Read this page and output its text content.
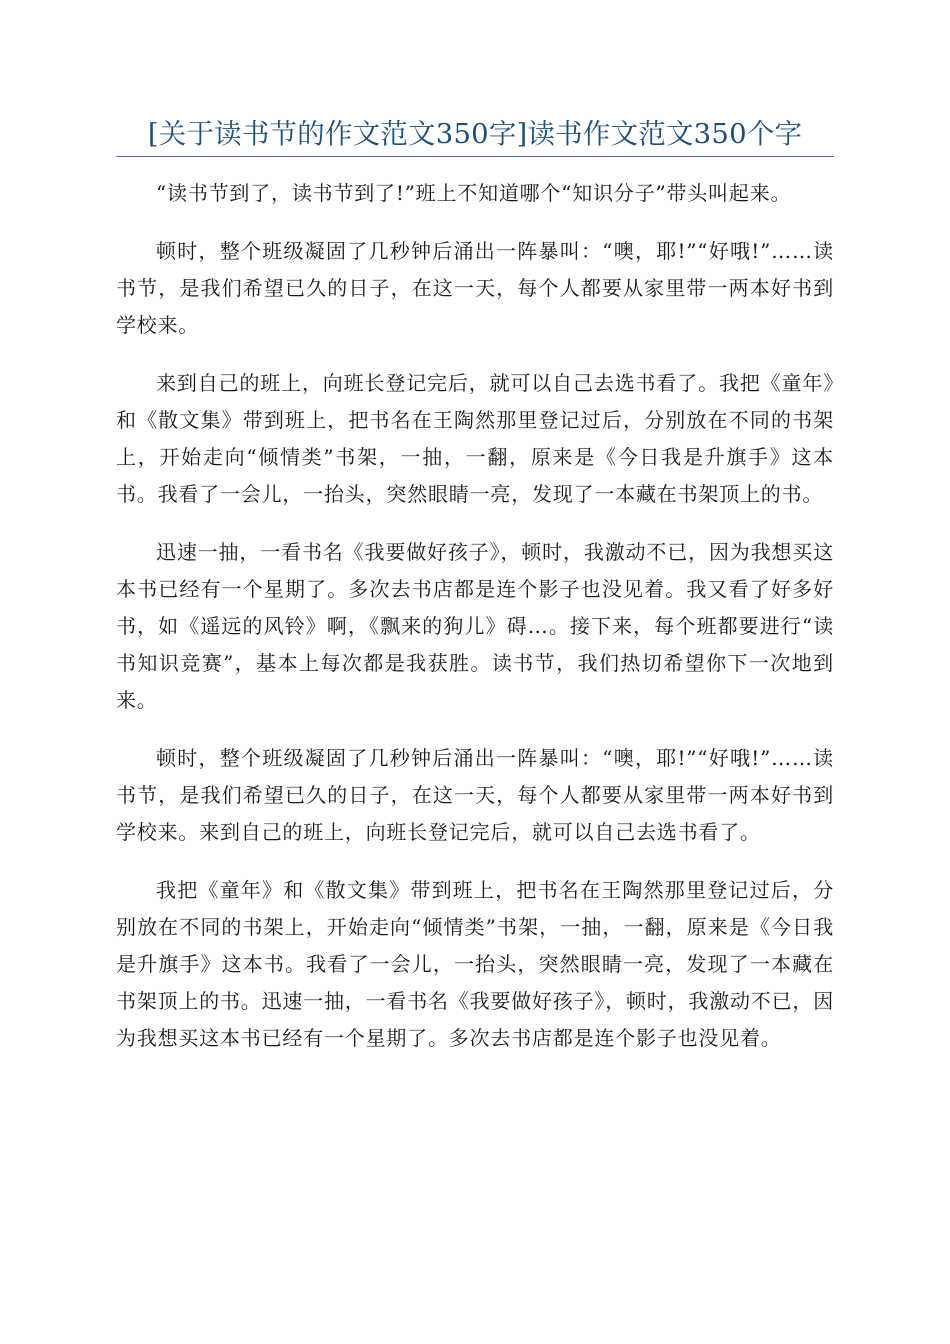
[关于读书节的作文范文350字]读书作文范文350个字

“读书节到了，读书节到了!”班上不知道哪个“知识分子”带头叫起来。

顿时，整个班级凝固了几秒钟后涌出一阵暴叫：“噢，耶!”“好哦!”……读书节，是我们希望已久的日子，在这一天，每个人都要从家里带一两本好书到学校来。

来到自己的班上，向班长登记完后，就可以自己去选书看了。我把《童年》和《散文集》带到班上，把书名在王陶然那里登记过后，分别放在不同的书架上，开始走向“倾情类”书架，一抽，一翻，原来是《今日我是升旗手》这本书。我看了一会儿，一抬头，突然眼睛一亮，发现了一本藏在书架顶上的书。

迅速一抽，一看书名《我要做好孩子》，顿时，我激动不已，因为我想买这本书已经有一个星期了。多次去书店都是连个影子也没见着。我又看了好多好书，如《遥远的风铃》啊，《飘来的狗儿》碍…。接下来，每个班都要进行“读书知识竞赛”，基本上每次都是我获胜。读书节，我们热切希望你下一次地到来。

顿时，整个班级凝固了几秒钟后涌出一阵暴叫：“噢，耶!”“好哦!”……读书节，是我们希望已久的日子，在这一天，每个人都要从家里带一两本好书到学校来。来到自己的班上，向班长登记完后，就可以自己去选书看了。

我把《童年》和《散文集》带到班上，把书名在王陶然那里登记过后，分别放在不同的书架上，开始走向“倾情类”书架，一抽，一翻，原来是《今日我是升旗手》这本书。我看了一会儿，一抬头，突然眼睛一亮，发现了一本藏在书架顶上的书。迅速一抽，一看书名《我要做好孩子》，顿时，我激动不已，因为我想买这本书已经有一个星期了。多次去书店都是连个影子也没见着。
